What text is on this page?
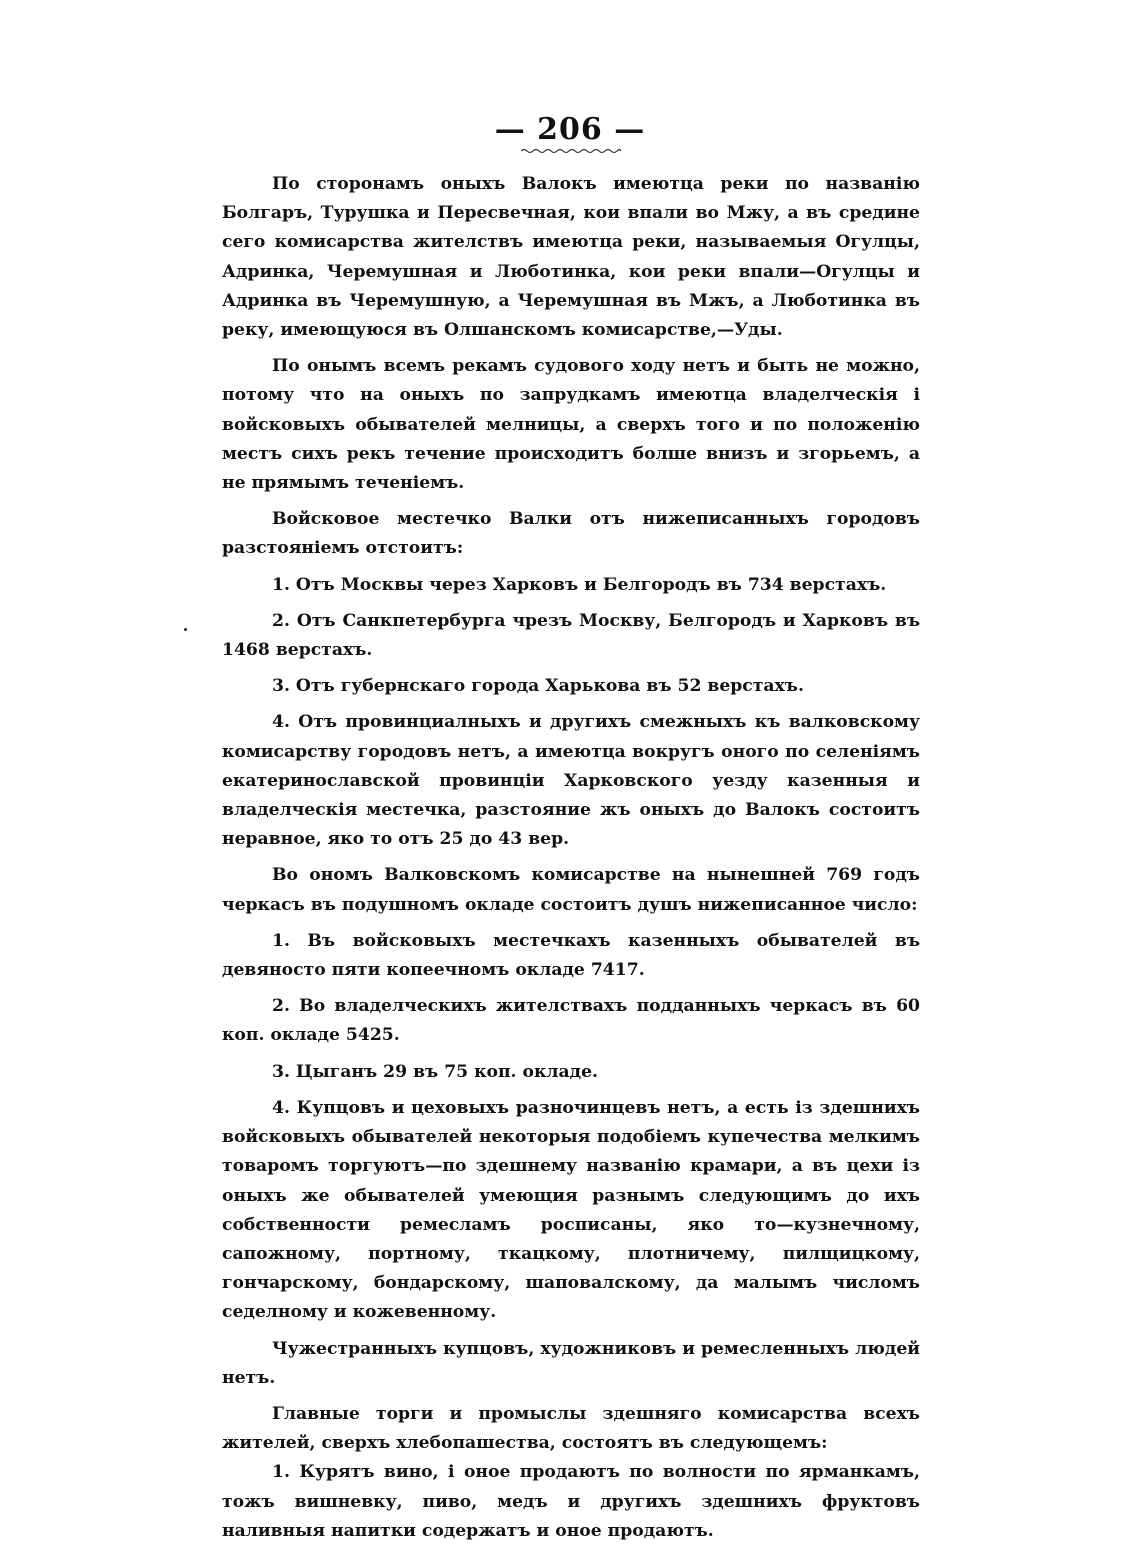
— 206 —

По сторонамъ оныхъ Валокъ имеютца реки по названію Болгаръ, Турушка и Пересвечная, кои впали во Мжу, а въ средине сего комисарства жителствъ имеютца реки, называемыя Огулцы, Адринка, Черемушная и Люботинка, кои реки впали—Огулцы и Адринка въ Черемушную, а Черемушная въ Мжъ, а Люботинка въ реку, имеющуюся въ Олшанскомъ комисарстве,—Уды.

По онымъ всемъ рекамъ судового ходу нетъ и быть не можно, потому что на оныхъ по запрудкамъ имеютца владелческія і войсковыхъ обывателей мелницы, а сверхъ того и по положенію местъ сихъ рекъ течение происходитъ болше внизъ и згорьемъ, а не прямымъ теченіемъ.

Войсковое местечко Валки отъ нижеписанныхъ городовъ разстояніемъ отстоитъ:

1. Отъ Москвы через Харковъ и Белгородъ въ 734 верстахъ.

2. Отъ Санкпетербурга чрезъ Москву, Белгородъ и Харковъ въ 1468 верстахъ.

3. Отъ губернскаго города Харькова въ 52 верстахъ.

4. Отъ провинциалныхъ и другихъ смежныхъ къ валковскому комисарству городовъ нетъ, а имеютца вокругъ оного по селеніямъ екатеринославской провинціи Харковского уезду казенныя и владелческія местечка, разстояние жъ оныхъ до Валокъ состоитъ неравное, яко то отъ 25 до 43 вер.

Во ономъ Валковскомъ комисарстве на нынешней 769 годъ черкасъ въ подушномъ окладе состоитъ душъ нижеписанное число:

1. Въ войсковыхъ местечкахъ казенныхъ обывателей въ девяносто пяти копеечномъ окладе 7417.

2. Во владелческихъ жителствахъ подданныхъ черкасъ въ 60 коп. окладе 5425.

3. Цыганъ 29 въ 75 коп. окладе.

4. Купцовъ и цеховыхъ разночинцевъ нетъ, а есть із здешнихъ войсковыхъ обывателей некоторыя подобіемъ купечества мелкимъ товаромъ торгуютъ—по здешнему названію крамари, а въ цехи із оныхъ же обывателей умеющия разнымъ следующимъ до ихъ собственности ремесламъ росписаны, яко то—кузнечному, сапожному, портному, ткацкому, плотничему, пилщицкому, гончарскому, бондарскому, шаповалскому, да малымъ числомъ седелному и кожевенному.

Чужестранныхъ купцовъ, художниковъ и ремесленныхъ людей нетъ.

Главные торги и промыслы здешняго комисарства всехъ жителей, сверхъ хлебопашества, состоятъ въ следующемъ:

1. Курятъ вино, і оное продаютъ по волности по ярманкамъ, тожъ вишневку, пиво, медъ и другихъ здешнихъ фруктовъ наливныя напитки содержатъ и оное продаютъ.
